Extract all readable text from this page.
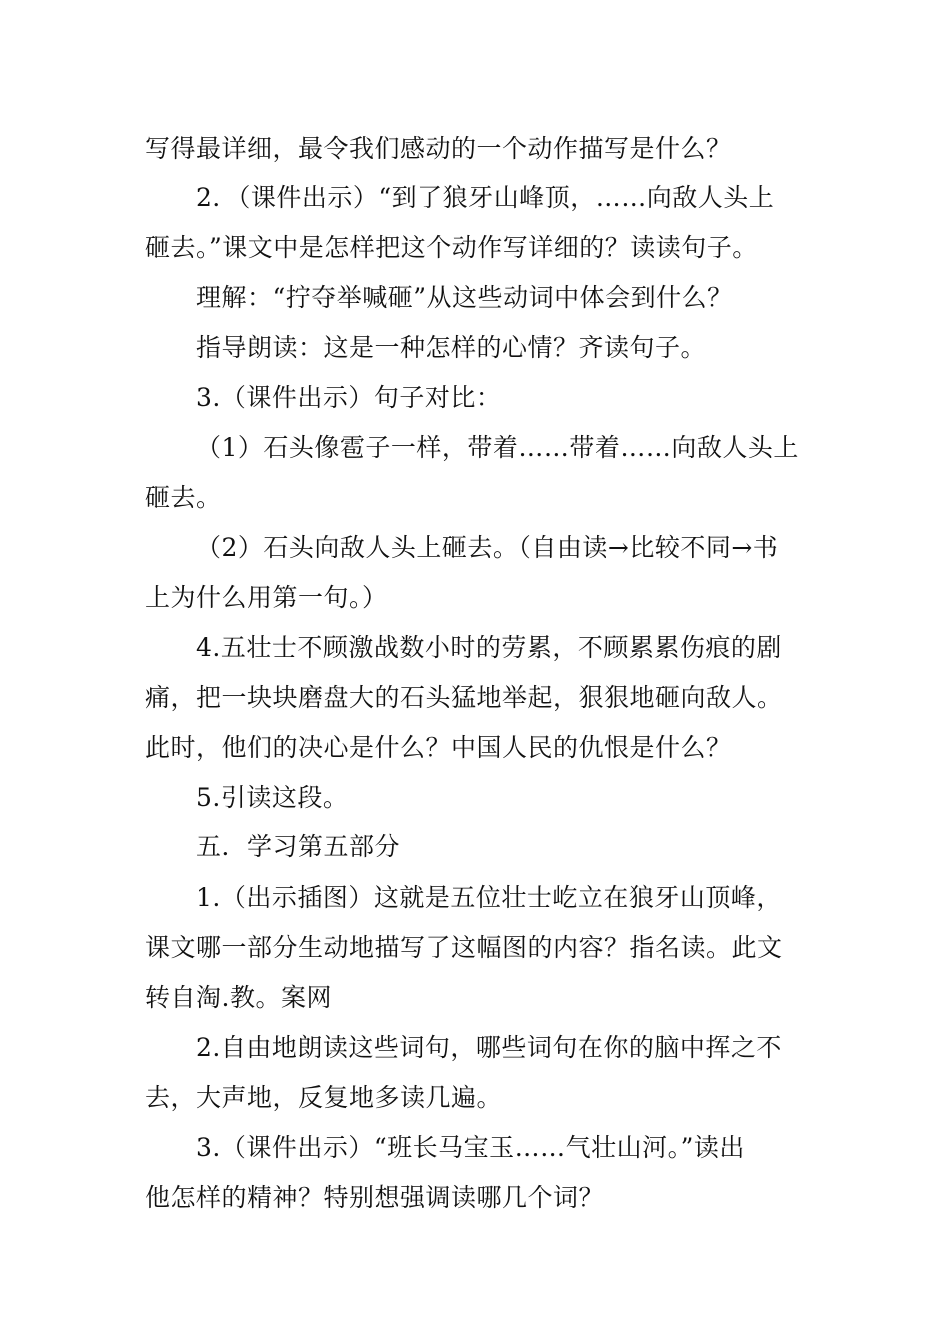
写得最详细，最令我们感动的一个动作描写是什么？
2．（课件出示）“到了狼牙山峰顶，……向敌人头上
砸去。”课文中是怎样把这个动作写详细的？读读句子。
理解：“拧夺举喊砸”从这些动词中体会到什么？
指导朗读：这是一种怎样的心情？齐读句子。
3.（课件出示）句子对比：
（1）石头像雹子一样，带着……带着……向敌人头上
砸去。
（2）石头向敌人头上砸去。（自由读→比较不同→书
上为什么用第一句。）
4.五壮士不顾激战数小时的劳累，不顾累累伤痕的剧
痛，把一块块磨盘大的石头猛地举起，狠狠地砸向敌人。
此时，他们的决心是什么？中国人民的仇恨是什么？
5.引读这段。
五．学习第五部分
1.（出示插图）这就是五位壮士屹立在狼牙山顶峰，
课文哪一部分生动地描写了这幅图的内容？指名读。此文
转自淘.教。案网
2.自由地朗读这些词句，哪些词句在你的脑中挥之不
去，大声地，反复地多读几遍。
3.（课件出示）“班长马宝玉……气壮山河。”读出
他怎样的精神？特别想强调读哪几个词？
